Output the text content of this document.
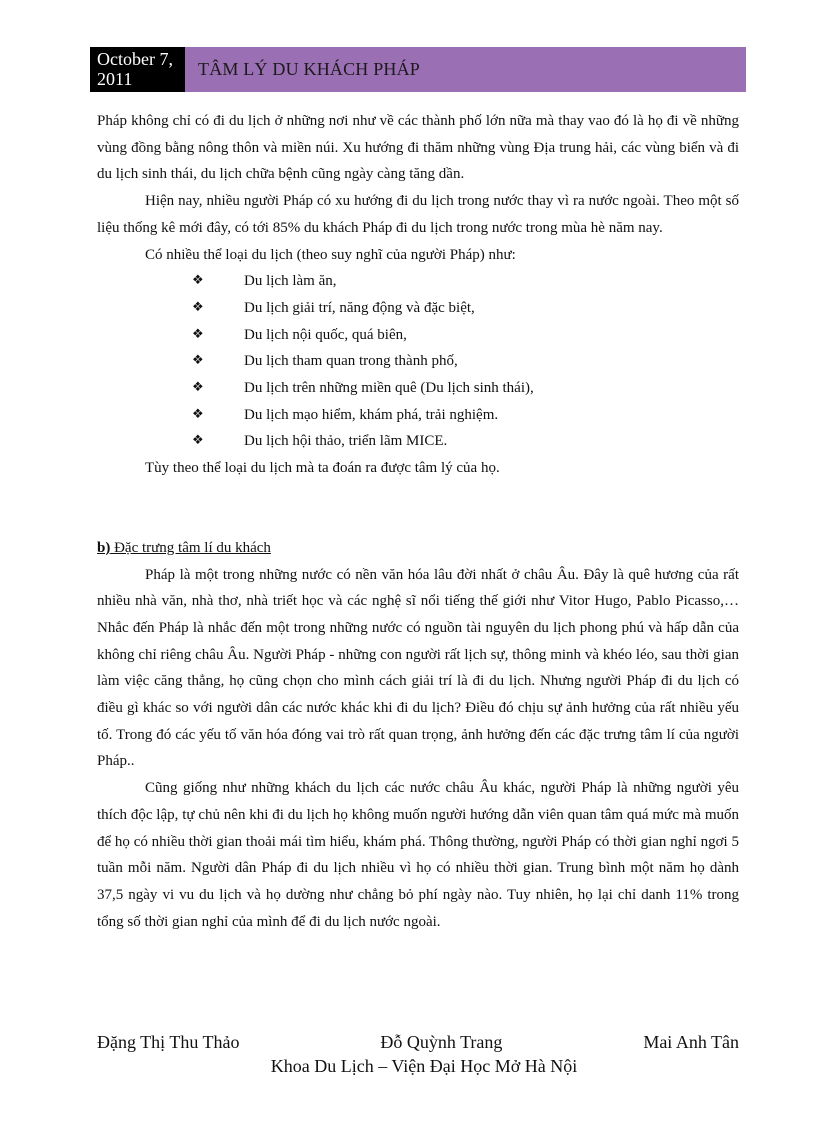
October 7,
2011	TÂM LÝ DU KHÁCH PHÁP

Pháp không chỉ có đi du lịch ở những nơi như về các thành phố lớn nữa mà thay vao đó là họ đi về những vùng đồng bằng nông thôn và miền núi. Xu hướng đi thăm những vùng Địa trung hải, các vùng biển và đi du lịch sinh thái, du lịch chữa bệnh cũng ngày càng tăng dần.

Hiện nay, nhiều người Pháp có xu hướng đi du lịch trong nước thay vì ra nước ngoài. Theo một số liệu thống kê mới đây, có tới 85% du khách Pháp đi du lịch trong nước trong mùa hè năm nay.

Có nhiều thể loại du lịch (theo suy nghĩ của người Pháp) như:

❖	Du lịch làm ăn,
❖	Du lịch giải trí, năng động và đặc biệt,
❖	Du lịch nội quốc, quá biên,
❖	Du lịch tham quan trong thành phố,
❖	Du lịch trên những miền quê (Du lịch sinh thái),
❖	Du lịch mạo hiểm, khám phá, trải nghiệm.
❖	Du lịch hội thảo, triển lãm MICE.

Tùy theo thể loại du lịch mà ta đoán ra được tâm lý của họ.

b) Đặc trưng tâm lí du khách

Pháp là một trong những nước có nền văn hóa lâu đời nhất ở châu Âu. Đây là quê hương của rất nhiều nhà văn, nhà thơ, nhà triết học và các nghệ sĩ nổi tiếng thế giới như Vitor Hugo, Pablo Picasso,… Nhắc đến Pháp là nhắc đến một trong những nước có nguồn tài nguyên du lịch phong phú và hấp dẫn của không chỉ riêng châu Âu. Người Pháp - những con người rất lịch sự, thông minh và khéo léo, sau thời gian làm việc căng thẳng, họ cũng chọn cho mình cách giải trí là đi du lịch. Nhưng người Pháp đi du lịch có điều gì khác so với người dân các nước khác khi đi du lịch? Điều đó chịu sự ảnh hưởng của rất nhiều yếu tố. Trong đó các yếu tố văn hóa đóng vai trò rất quan trọng, ảnh hưởng đến các đặc trưng tâm lí của người Pháp..

Cũng giống như những khách du lịch các nước châu Âu khác, người Pháp là những người yêu thích độc lập, tự chủ nên khi đi du lịch họ không muốn người hướng dẫn viên quan tâm quá mức mà muốn để họ có nhiều thời gian thoải mái tìm hiểu, khám phá. Thông thường, người Pháp có thời gian nghỉ ngơi 5 tuần mỗi năm. Người dân Pháp đi du lịch nhiều vì họ có nhiều thời gian. Trung bình một năm họ dành 37,5 ngày vi vu du lịch và họ dường như chẳng bỏ phí ngày nào. Tuy nhiên, họ lại chỉ danh 11% trong tổng số thời gian nghỉ của mình để đi du lịch nước ngoài.

Đặng Thị Thu Thảo	Đỗ Quỳnh Trang	Mai Anh Tân
Khoa Du Lịch – Viện Đại Học Mở Hà Nội
